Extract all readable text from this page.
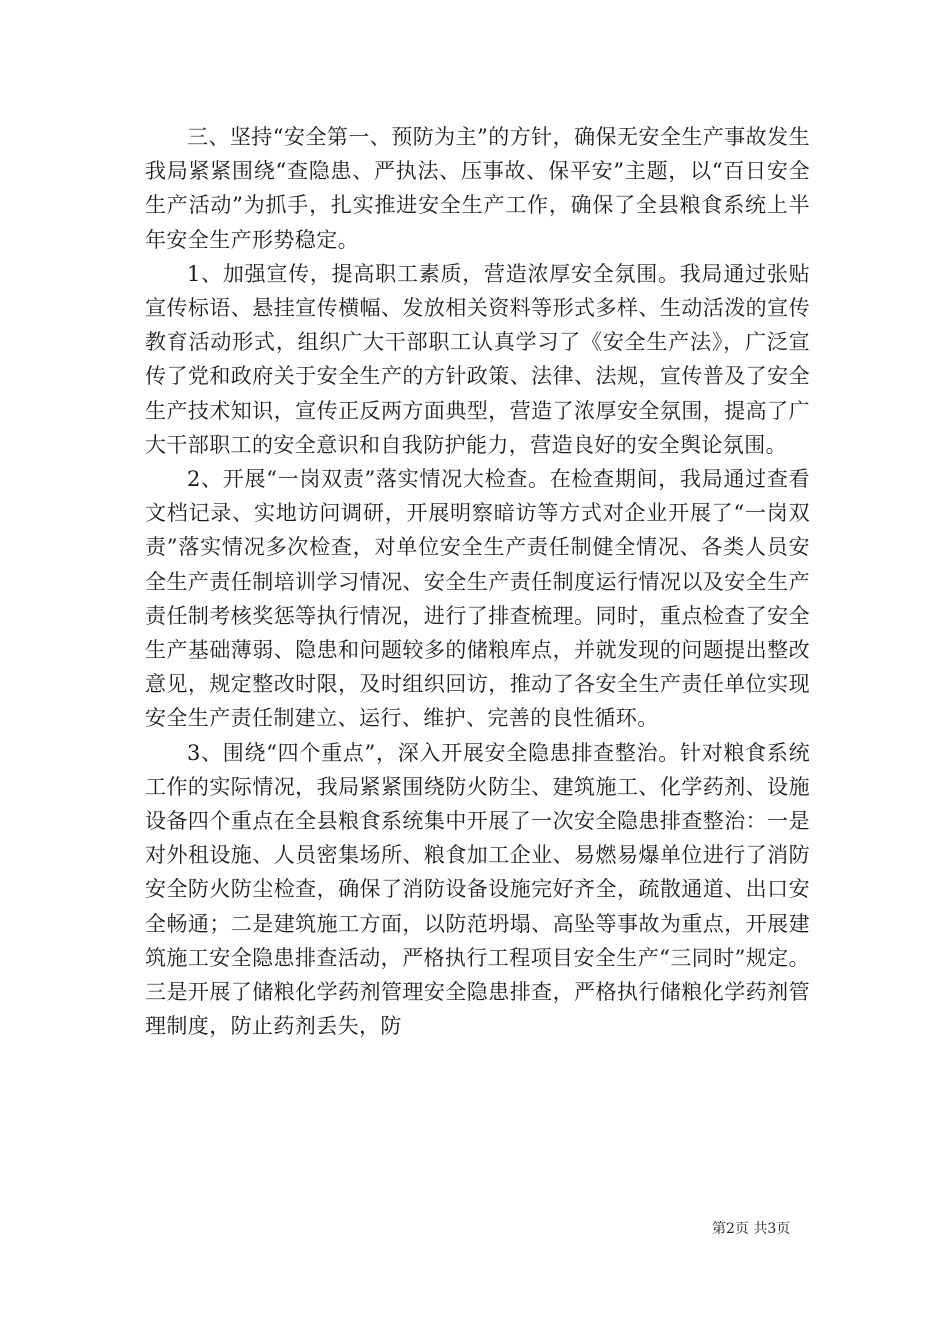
三、坚持“安全第一、预防为主”的方针，确保无安全生产事故发生我局紧紧围绕“查隐患、严执法、压事故、保平安”主题，以“百日安全生产活动”为抓手，扎实推进安全生产工作，确保了全县粮食系统上半年安全生产形势稳定。

1、加强宣传，提高职工素质，营造浓厚安全氛围。我局通过张贴宣传标语、悬挂宣传横幅、发放相关资料等形式多样、生动活泼的宣传教育活动形式，组织广大干部职工认真学习了《安全生产法》，广泛宣传了党和政府关于安全生产的方针政策、法律、法规，宣传普及了安全生产技术知识，宣传正反两方面典型，营造了浓厚安全氛围，提高了广大干部职工的安全意识和自我防护能力，营造良好的安全舆论氛围。

2、开展“一岗双责”落实情况大检查。在检查期间，我局通过查看文档记录、实地访问调研，开展明察暗访等方式对企业开展了“一岗双责”落实情况多次检查，对单位安全生产责任制健全情况、各类人员安全生产责任制培训学习情况、安全生产责任制度运行情况以及安全生产责任制考核奖惩等执行情况，进行了排查梳理。同时，重点检查了安全生产基础薄弱、隐患和问题较多的储粮库点，并就发现的问题提出整改意见，规定整改时限，及时组织回访，推动了各安全生产责任单位实现安全生产责任制建立、运行、维护、完善的良性循环。

3、围绕“四个重点”，深入开展安全隐患排查整治。针对粮食系统工作的实际情况，我局紧紧围绕防火防尘、建筑施工、化学药剂、设施设备四个重点在全县粮食系统集中开展了一次安全隐患排查整治：一是对外租设施、人员密集场所、粮食加工企业、易燃易爆单位进行了消防安全防火防尘检查，确保了消防设备设施完好齐全，疏散通道、出口安全畅通；二是建筑施工方面，以防范坍塌、高坠等事故为重点，开展建筑施工安全隐患排查活动，严格执行工程项目安全生产“三同时”规定。三是开展了储粮化学药剂管理安全隐患排查，严格执行储粮化学药剂管理制度，防止药剂丢失，防

第2页 共3页
